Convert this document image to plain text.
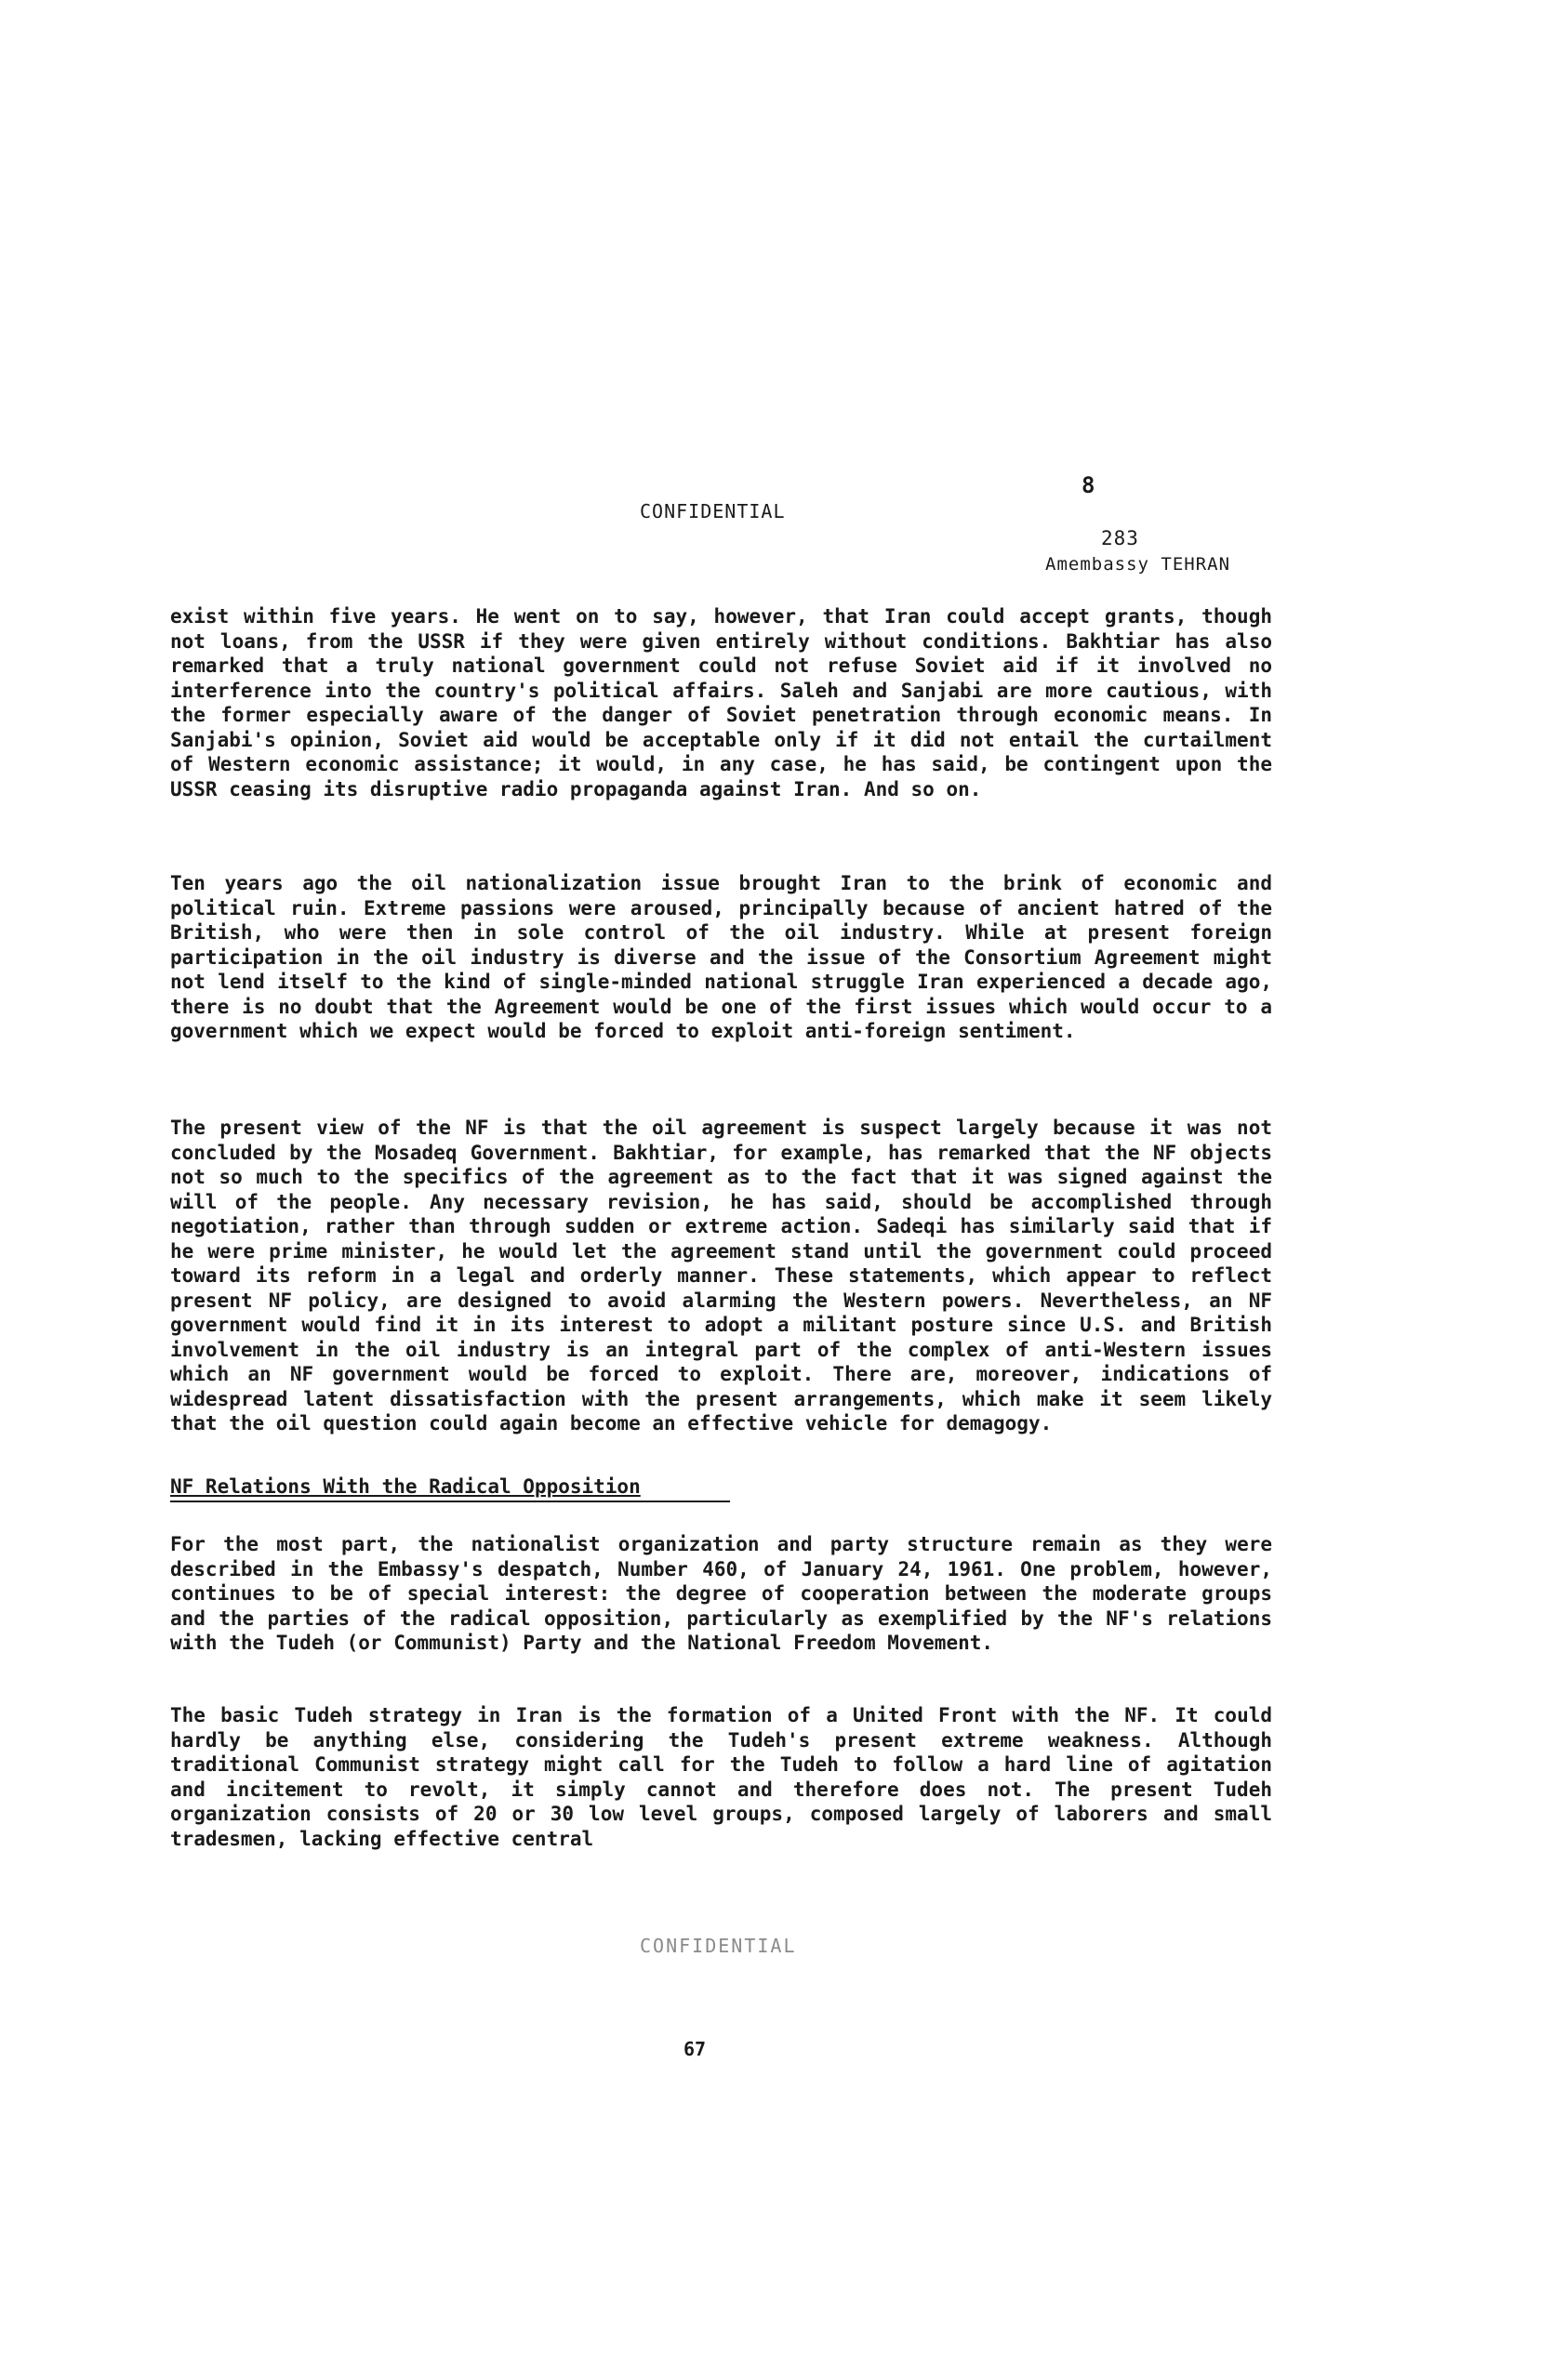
8
CONFIDENTIAL
283
Amembassy TEHRAN
exist within five years. He went on to say, however, that Iran could accept grants, though not loans, from the USSR if they were given entirely without conditions. Bakhtiar has also remarked that a truly national government could not refuse Soviet aid if it involved no interference into the country's political affairs. Saleh and Sanjabi are more cautious, with the former especially aware of the danger of Soviet penetration through economic means. In Sanjabi's opinion, Soviet aid would be acceptable only if it did not entail the curtailment of Western economic assistance; it would, in any case, he has said, be contingent upon the USSR ceasing its disruptive radio propaganda against Iran. And so on.
Ten years ago the oil nationalization issue brought Iran to the brink of economic and political ruin. Extreme passions were aroused, principally because of ancient hatred of the British, who were then in sole control of the oil industry. While at present foreign participation in the oil industry is diverse and the issue of the Consortium Agreement might not lend itself to the kind of single-minded national struggle Iran experienced a decade ago, there is no doubt that the Agreement would be one of the first issues which would occur to a government which we expect would be forced to exploit anti-foreign sentiment.
The present view of the NF is that the oil agreement is suspect largely because it was not concluded by the Mosadeq Government. Bakhtiar, for example, has remarked that the NF objects not so much to the specifics of the agreement as to the fact that it was signed against the will of the people. Any necessary revision, he has said, should be accomplished through negotiation, rather than through sudden or extreme action. Sadeqi has similarly said that if he were prime minister, he would let the agreement stand until the government could proceed toward its reform in a legal and orderly manner. These statements, which appear to reflect present NF policy, are designed to avoid alarming the Western powers. Nevertheless, an NF government would find it in its interest to adopt a militant posture since U.S. and British involvement in the oil industry is an integral part of the complex of anti-Western issues which an NF government would be forced to exploit. There are, moreover, indications of widespread latent dissatisfaction with the present arrangements, which make it seem likely that the oil question could again become an effective vehicle for demagogy.
NF Relations With the Radical Opposition
For the most part, the nationalist organization and party structure remain as they were described in the Embassy's despatch, Number 460, of January 24, 1961. One problem, however, continues to be of special interest: the degree of cooperation between the moderate groups and the parties of the radical opposition, particularly as exemplified by the NF's relations with the Tudeh (or Communist) Party and the National Freedom Movement.
The basic Tudeh strategy in Iran is the formation of a United Front with the NF. It could hardly be anything else, considering the Tudeh's present extreme weakness. Although traditional Communist strategy might call for the Tudeh to follow a hard line of agitation and incitement to revolt, it simply cannot and therefore does not. The present Tudeh organization consists of 20 or 30 low level groups, composed largely of laborers and small tradesmen, lacking effective central
CONFIDENTIAL
67
